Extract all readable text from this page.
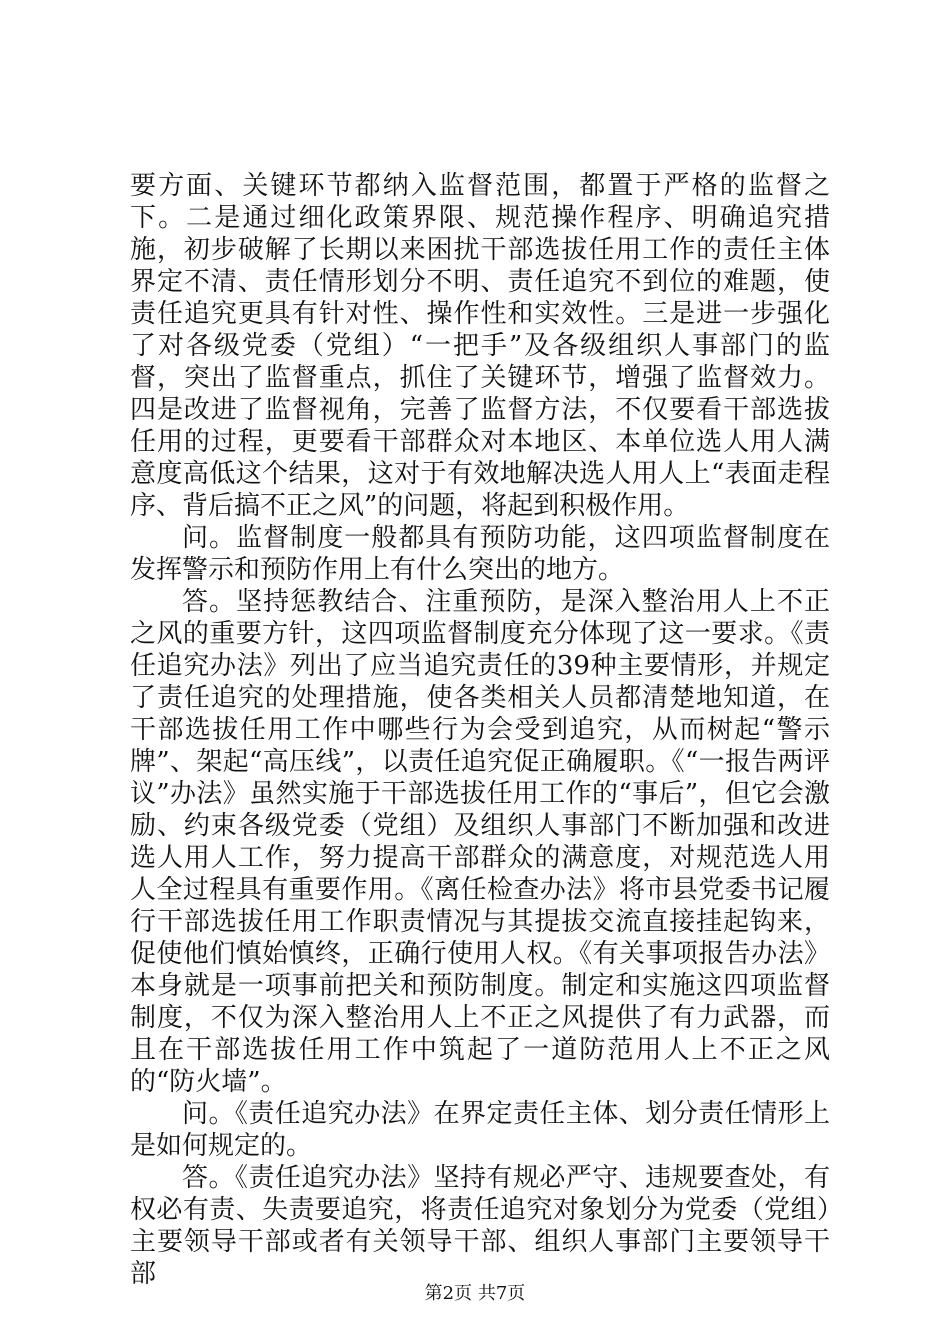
要方面、关键环节都纳入监督范围，都置于严格的监督之下。二是通过细化政策界限、规范操作程序、明确追究措施，初步破解了长期以来困扰干部选拔任用工作的责任主体界定不清、责任情形划分不明、责任追究不到位的难题，使责任追究更具有针对性、操作性和实效性。三是进一步强化了对各级党委（党组）“一把手”及各级组织人事部门的监督，突出了监督重点，抓住了关键环节，增强了监督效力。四是改进了监督视角，完善了监督方法，不仅要看干部选拔任用的过程，更要看干部群众对本地区、本单位选人用人满意度高低这个结果，这对于有效地解决选人用人上“表面走程序、背后搞不正之风”的问题，将起到积极作用。

问。监督制度一般都具有预防功能，这四项监督制度在发挥警示和预防作用上有什么突出的地方。

答。坚持惩教结合、注重预防，是深入整治用人上不正之风的重要方针，这四项监督制度充分体现了这一要求。《责任追究办法》列出了应当追究责任的39种主要情形，并规定了责任追究的处理措施，使各类相关人员都清楚地知道，在干部选拔任用工作中哪些行为会受到追究，从而树起“警示牌”、架起“高压线”，以责任追究促正确履职。《“一报告两评议”办法》虽然实施于干部选拔任用工作的“事后”，但它会激励、约束各级党委（党组）及组织人事部门不断加强和改进选人用人工作，努力提高干部群众的满意度，对规范选人用人全过程具有重要作用。《离任检查办法》将市县党委书记履行干部选拔任用工作职责情况与其提拔交流直接挂起钩来，促使他们慎始慎终，正确行使用人权。《有关事项报告办法》本身就是一项事前把关和预防制度。制定和实施这四项监督制度，不仅为深入整治用人上不正之风提供了有力武器，而且在干部选拔任用工作中筑起了一道防范用人上不正之风的“防火墙”。

问。《责任追究办法》在界定责任主体、划分责任情形上是如何规定的。

答。《责任追究办法》坚持有规必严守、违规要查处，有权必有责、失责要追究，将责任追究对象划分为党委（党组）主要领导干部或者有关领导干部、组织人事部门主要领导干部

第2页 共7页
